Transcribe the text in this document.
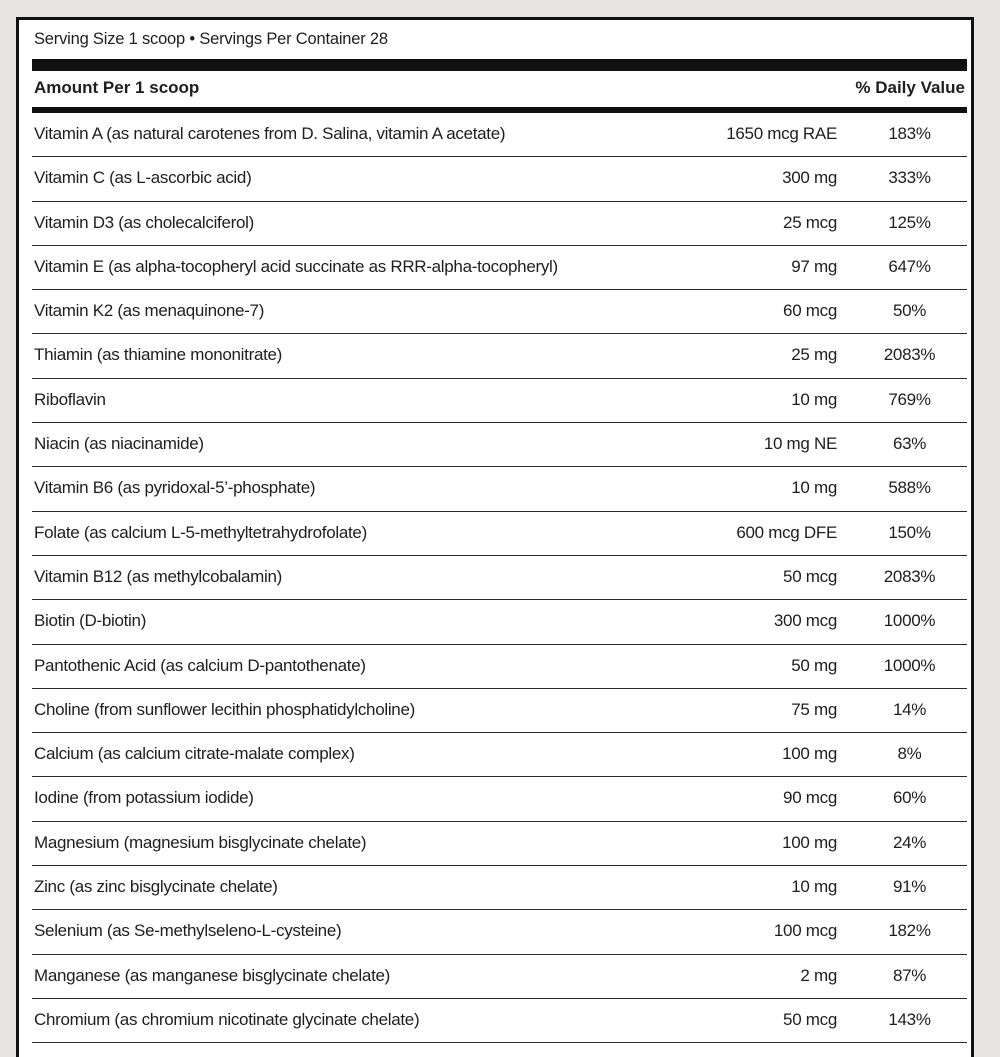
Serving Size 1 scoop • Servings Per Container 28
Amount Per 1 scoop	% Daily Value
Vitamin A (as natural carotenes from D. Salina, vitamin A acetate)	1650 mcg RAE	183%
Vitamin C (as L-ascorbic acid)	300 mg	333%
Vitamin D3 (as cholecalciferol)	25 mcg	125%
Vitamin E (as alpha-tocopheryl acid succinate as RRR-alpha-tocopheryl)	97 mg	647%
Vitamin K2 (as menaquinone-7)	60 mcg	50%
Thiamin (as thiamine mononitrate)	25 mg	2083%
Riboflavin	10 mg	769%
Niacin (as niacinamide)	10 mg NE	63%
Vitamin B6 (as pyridoxal-5’-phosphate)	10 mg	588%
Folate (as calcium L-5-methyltetrahydrofolate)	600 mcg DFE	150%
Vitamin B12 (as methylcobalamin)	50 mcg	2083%
Biotin (D-biotin)	300 mcg	1000%
Pantothenic Acid (as calcium D-pantothenate)	50 mg	1000%
Choline (from sunflower lecithin phosphatidylcholine)	75 mg	14%
Calcium (as calcium citrate-malate complex)	100 mg	8%
Iodine (from potassium iodide)	90 mcg	60%
Magnesium (magnesium bisglycinate chelate)	100 mg	24%
Zinc (as zinc bisglycinate chelate)	10 mg	91%
Selenium (as Se-methylseleno-L-cysteine)	100 mcg	182%
Manganese (as manganese bisglycinate chelate)	2 mg	87%
Chromium (as chromium nicotinate glycinate chelate)	50 mcg	143%
